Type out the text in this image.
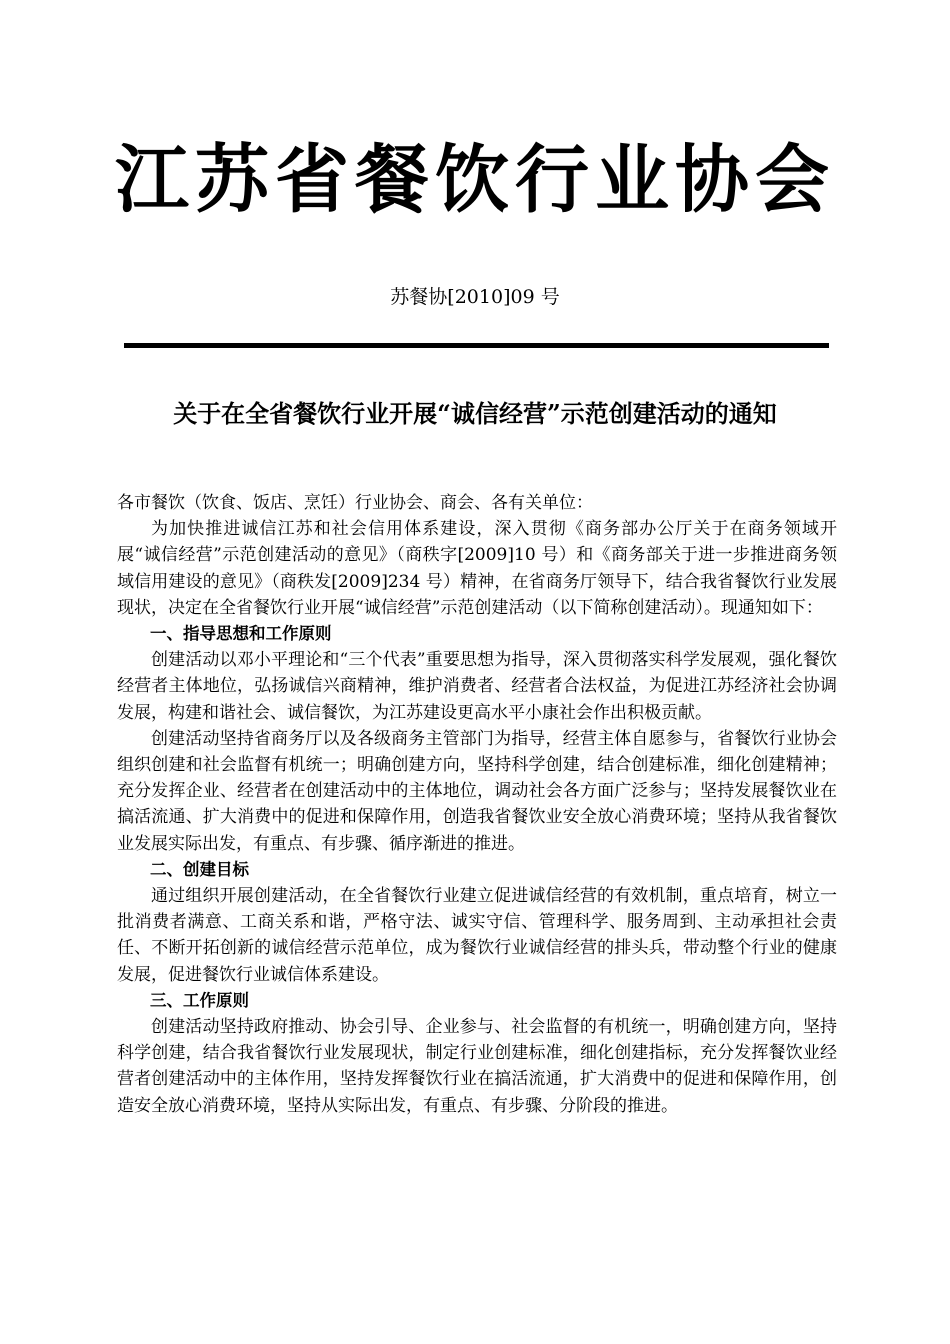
江苏省餐饮行业协会
苏餐协[2010]09 号
关于在全省餐饮行业开展“诚信经营”示范创建活动的通知

各市餐饮（饮食、饭店、烹饪）行业协会、商会、各有关单位：

为加快推进诚信江苏和社会信用体系建设，深入贯彻《商务部办公厅关于在商务领域开展“诚信经营”示范创建活动的意见》（商秩字[2009]10 号）和《商务部关于进一步推进商务领域信用建设的意见》（商秩发[2009]234 号）精神，在省商务厅领导下，结合我省餐饮行业发展现状，决定在全省餐饮行业开展“诚信经营”示范创建活动（以下简称创建活动）。现通知如下：

一、指导思想和工作原则

创建活动以邓小平理论和“三个代表”重要思想为指导，深入贯彻落实科学发展观，强化餐饮经营者主体地位，弘扬诚信兴商精神，维护消费者、经营者合法权益，为促进江苏经济社会协调发展，构建和谐社会、诚信餐饮，为江苏建设更高水平小康社会作出积极贡献。

创建活动坚持省商务厅以及各级商务主管部门为指导，经营主体自愿参与，省餐饮行业协会组织创建和社会监督有机统一；明确创建方向，坚持科学创建，结合创建标准，细化创建精神；充分发挥企业、经营者在创建活动中的主体地位，调动社会各方面广泛参与；坚持发展餐饮业在搞活流通、扩大消费中的促进和保障作用，创造我省餐饮业安全放心消费环境；坚持从我省餐饮业发展实际出发，有重点、有步骤、循序渐进的推进。

二、创建目标

通过组织开展创建活动，在全省餐饮行业建立促进诚信经营的有效机制，重点培育，树立一批消费者满意、工商关系和谐，严格守法、诚实守信、管理科学、服务周到、主动承担社会责任、不断开拓创新的诚信经营示范单位，成为餐饮行业诚信经营的排头兵，带动整个行业的健康发展，促进餐饮行业诚信体系建设。

三、工作原则

创建活动坚持政府推动、协会引导、企业参与、社会监督的有机统一，明确创建方向，坚持科学创建，结合我省餐饮行业发展现状，制定行业创建标准，细化创建指标，充分发挥餐饮业经营者创建活动中的主体作用，坚持发挥餐饮行业在搞活流通，扩大消费中的促进和保障作用，创造安全放心消费环境，坚持从实际出发，有重点、有步骤、分阶段的推进。
